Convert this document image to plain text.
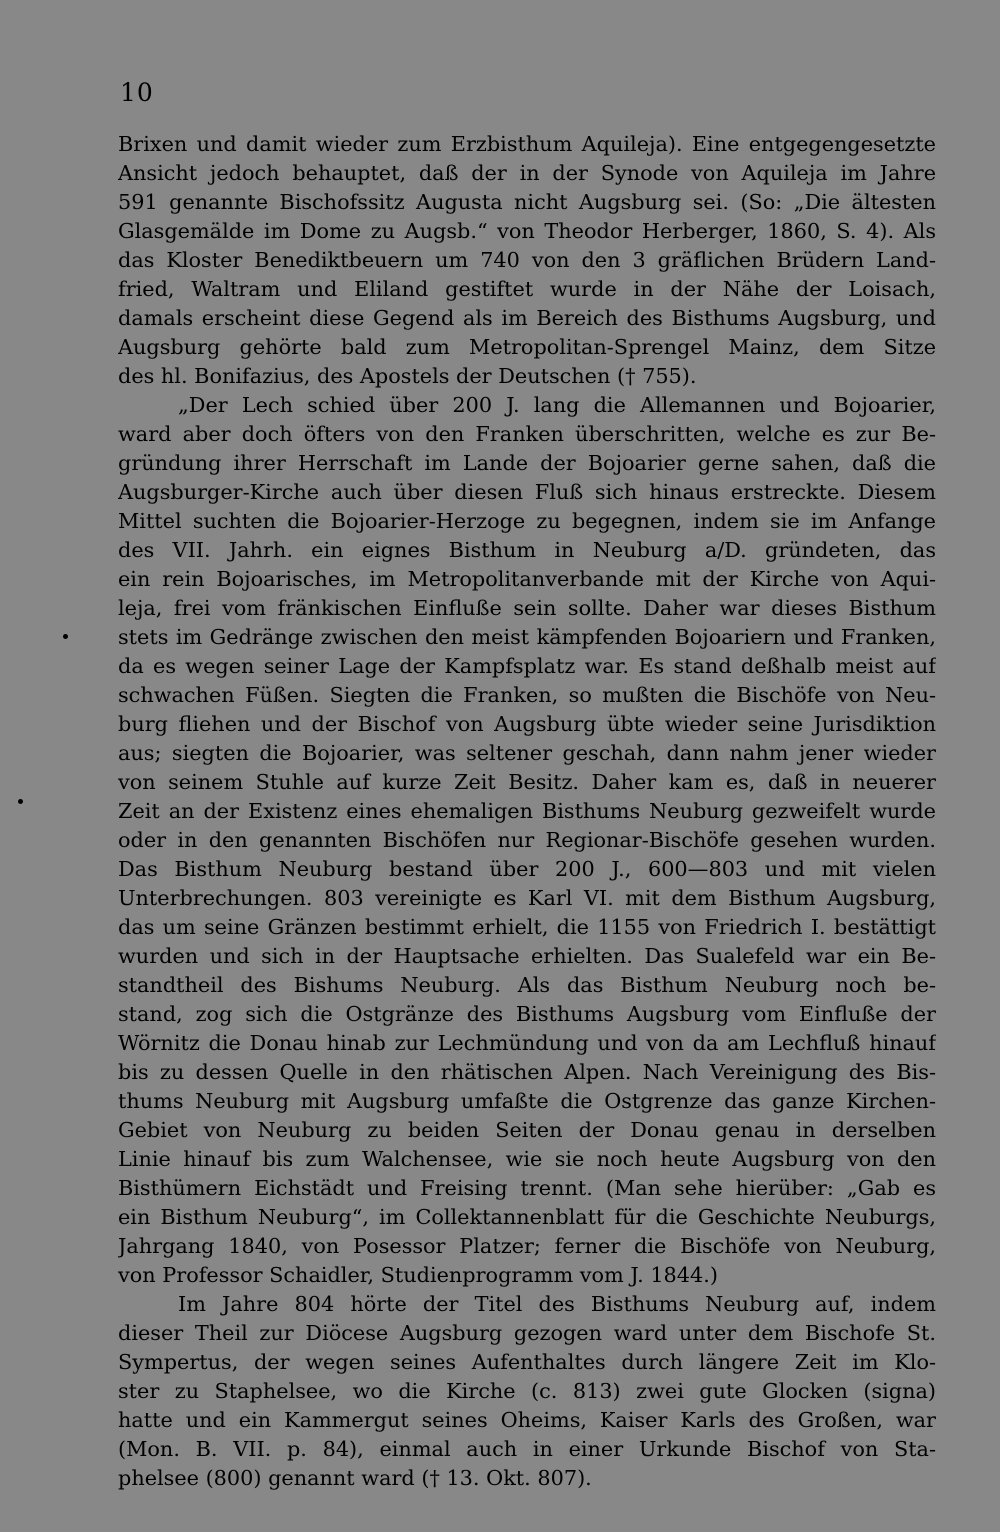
10
Brixen und damit wieder zum Erzbisthum Aquileja). Eine entgegengesetzte
Ansicht jedoch behauptet, daß der in der Synode von Aquileja im Jahre
591 genannte Bischofssitz Augusta nicht Augsburg sei. (So: „Die ältesten
Glasgemälde im Dome zu Augsb.“ von Theodor Herberger, 1860, S. 4). Als
das Kloster Benediktbeuern um 740 von den 3 gräflichen Brüdern Land-
fried, Waltram und Eliland gestiftet wurde in der Nähe der Loisach,
damals erscheint diese Gegend als im Bereich des Bisthums Augsburg, und
Augsburg gehörte bald zum Metropolitan-Sprengel Mainz, dem Sitze
des hl. Bonifazius, des Apostels der Deutschen († 755).
„Der Lech schied über 200 J. lang die Allemannen und Bojoarier,
ward aber doch öfters von den Franken überschritten, welche es zur Be-
gründung ihrer Herrschaft im Lande der Bojoarier gerne sahen, daß die
Augsburger-Kirche auch über diesen Fluß sich hinaus erstreckte. Diesem
Mittel suchten die Bojoarier-Herzoge zu begegnen, indem sie im Anfange
des VII. Jahrh. ein eignes Bisthum in Neuburg a/D. gründeten, das
ein rein Bojoarisches, im Metropolitanverbande mit der Kirche von Aqui-
leja, frei vom fränkischen Einfluße sein sollte. Daher war dieses Bisthum
stets im Gedränge zwischen den meist kämpfenden Bojoariern und Franken,
da es wegen seiner Lage der Kampfsplatz war. Es stand deßhalb meist auf
schwachen Füßen. Siegten die Franken, so mußten die Bischöfe von Neu-
burg fliehen und der Bischof von Augsburg übte wieder seine Jurisdiktion
aus; siegten die Bojoarier, was seltener geschah, dann nahm jener wieder
von seinem Stuhle auf kurze Zeit Besitz. Daher kam es, daß in neuerer
Zeit an der Existenz eines ehemaligen Bisthums Neuburg gezweifelt wurde
oder in den genannten Bischöfen nur Regionar-Bischöfe gesehen wurden.
Das Bisthum Neuburg bestand über 200 J., 600—803 und mit vielen
Unterbrechungen. 803 vereinigte es Karl VI. mit dem Bisthum Augsburg,
das um seine Gränzen bestimmt erhielt, die 1155 von Friedrich I. bestättigt
wurden und sich in der Hauptsache erhielten. Das Sualefeld war ein Be-
standtheil des Bishums Neuburg. Als das Bisthum Neuburg noch be-
stand, zog sich die Ostgränze des Bisthums Augsburg vom Einfluße der
Wörnitz die Donau hinab zur Lechmündung und von da am Lechfluß hinauf
bis zu dessen Quelle in den rhätischen Alpen. Nach Vereinigung des Bis-
thums Neuburg mit Augsburg umfaßte die Ostgrenze das ganze Kirchen-
Gebiet von Neuburg zu beiden Seiten der Donau genau in derselben
Linie hinauf bis zum Walchensee, wie sie noch heute Augsburg von den
Bisthümern Eichstädt und Freising trennt. (Man sehe hierüber: „Gab es
ein Bisthum Neuburg“, im Collektannenblatt für die Geschichte Neuburgs,
Jahrgang 1840, von Posessor Platzer; ferner die Bischöfe von Neuburg,
von Professor Schaidler, Studienprogramm vom J. 1844.)
Im Jahre 804 hörte der Titel des Bisthums Neuburg auf, indem
dieser Theil zur Diöcese Augsburg gezogen ward unter dem Bischofe St.
Sympertus, der wegen seines Aufenthaltes durch längere Zeit im Klo-
ster zu Staphelsee, wo die Kirche (c. 813) zwei gute Glocken (signa)
hatte und ein Kammergut seines Oheims, Kaiser Karls des Großen, war
(Mon. B. VII. p. 84), einmal auch in einer Urkunde Bischof von Sta-
phelsee (800) genannt ward († 13. Okt. 807).
